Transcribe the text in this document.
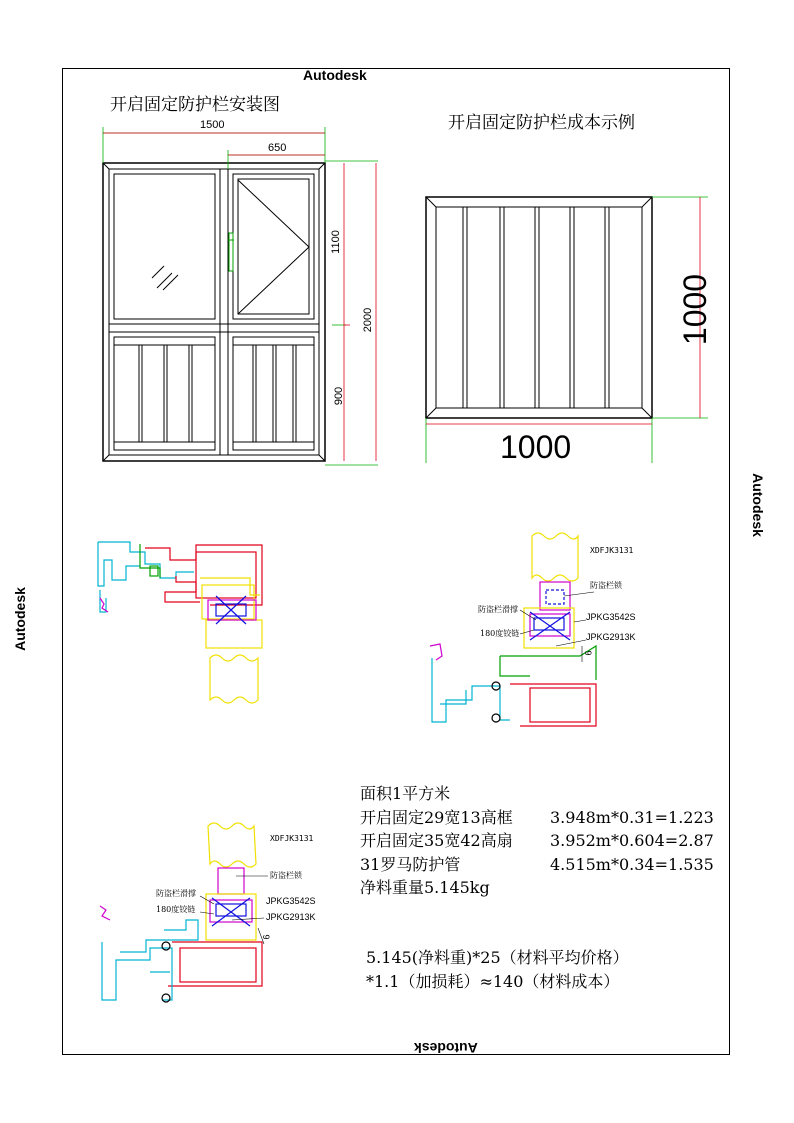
Autodesk
Autodesk
Autodesk
Autodesk
开启固定防护栏安装图
开启固定防护栏成本示例
1500
650
1100
2000
900
1000
1000
XDFJK3131
防盗栏锁
防盗栏滑撑
JPKG3542S
180度铰链	JPKG2913K
6
XDFJK3131
防盗栏锁
防盗栏滑撑
JPKG3542S
180度铰链
JPKG2913K
6
面积1平方米
开启固定29宽13高框	3.948m*0.31=1.223
开启固定35宽42高扇	3.952m*0.604=2.87
31罗马防护管	4.515m*0.34=1.535
净料重量5.145kg
5.145(净料重)*25（材料平均价格）
*1.1（加损耗）≈140（材料成本）
